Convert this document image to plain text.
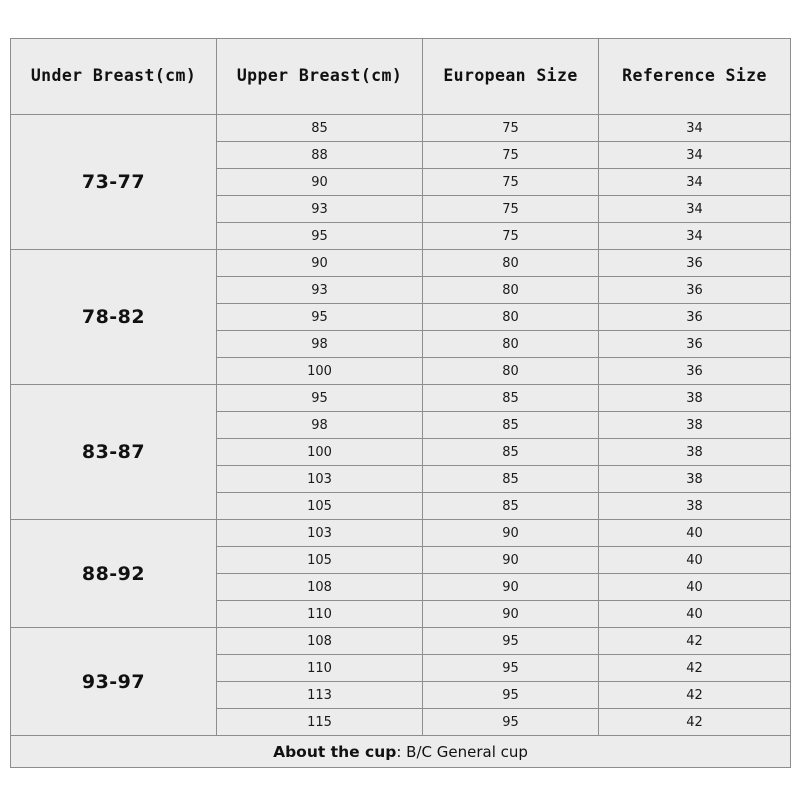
Under Breast(cm)	Upper Breast(cm)	European Size	Reference Size
73-77	85	75	34
	88	75	34
	90	75	34
	93	75	34
	95	75	34
78-82	90	80	36
	93	80	36
	95	80	36
	98	80	36
	100	80	36
83-87	95	85	38
	98	85	38
	100	85	38
	103	85	38
	105	85	38
88-92	103	90	40
	105	90	40
	108	90	40
	110	90	40
93-97	108	95	42
	110	95	42
	113	95	42
	115	95	42
About the cup: B/C General cup			
